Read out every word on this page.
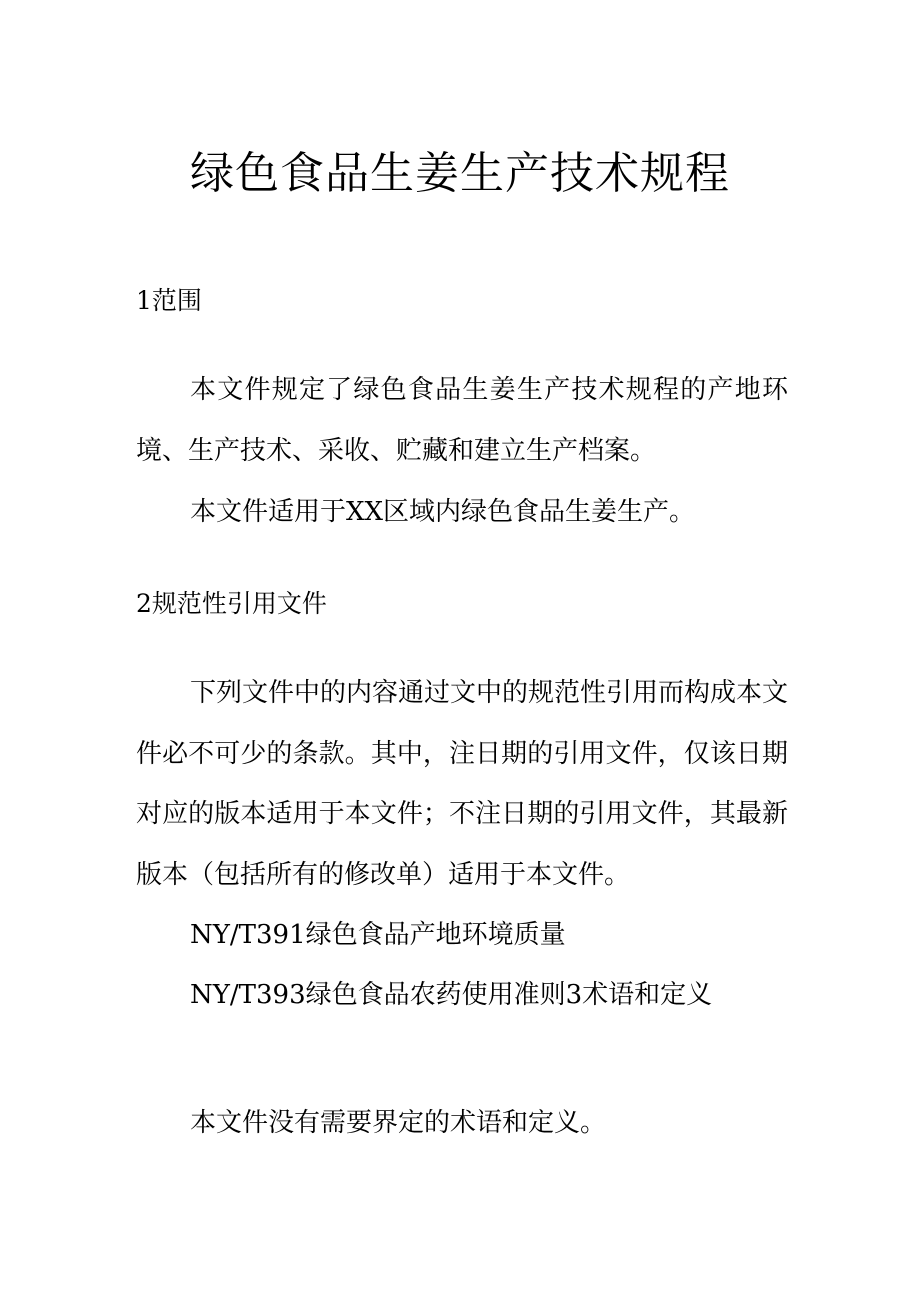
绿色食品生姜生产技术规程
1范围

本文件规定了绿色食品生姜生产技术规程的产地环境、生产技术、采收、贮藏和建立生产档案。

本文件适用于XX区域内绿色食品生姜生产。

2规范性引用文件

下列文件中的内容通过文中的规范性引用而构成本文件必不可少的条款。其中，注日期的引用文件，仅该日期对应的版本适用于本文件；不注日期的引用文件，其最新版本（包括所有的修改单）适用于本文件。

NY/T391绿色食品产地环境质量

NY/T393绿色食品农药使用准则3术语和定义

本文件没有需要界定的术语和定义。
